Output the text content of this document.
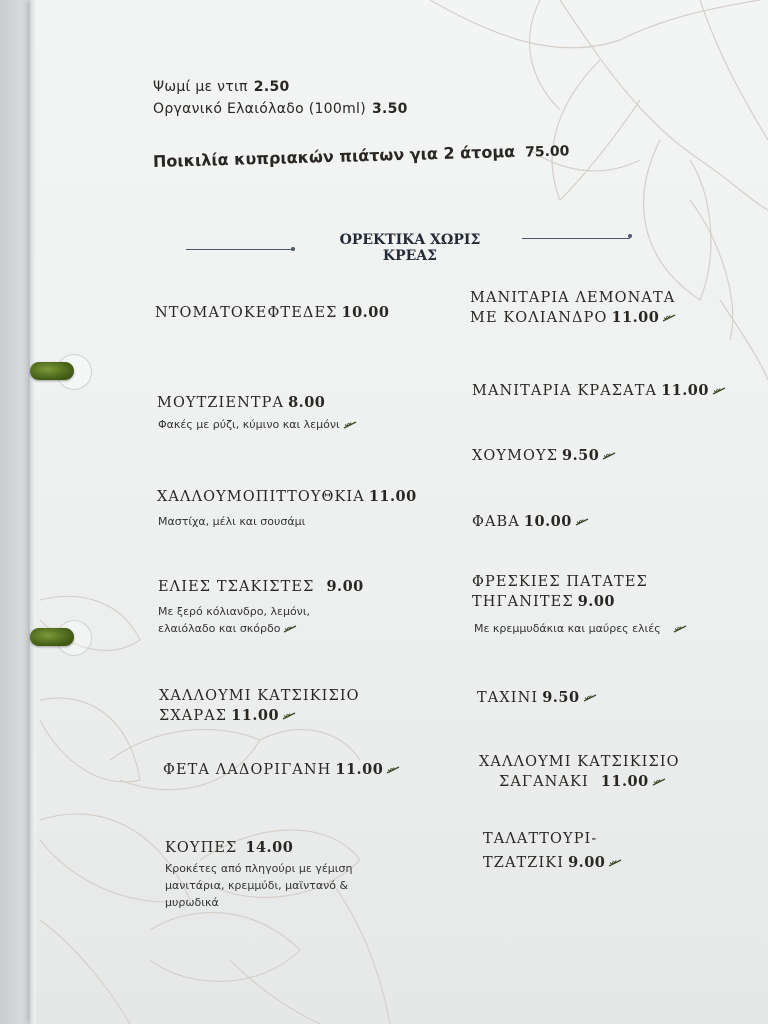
Ψωμί με ντιπ 2.50
Οργανικό Ελαιόλαδο (100ml) 3.50
Ποικιλία κυπριακών πιάτων για 2 άτομα 75.00
ΟΡΕΚΤΙΚΑ ΧΩΡΙΣ
ΚΡΕΑΣ
ΝΤΟΜΑΤΟΚΕΦΤΕΔΕΣ 10.00
ΜΟΥΤΖΙΕΝΤΡΑ 8.00
Φακές με ρύζι, κύμινο και λεμόνι
ΧΑΛΛΟΥΜΟΠΙΤΤΟΥΘΚΙΑ 11.00
Μαστίχα, μέλι και σουσάμι
ΕΛΙΕΣ ΤΣΑΚΙΣΤΕΣ 9.00
Με ξερό κόλιανδρο, λεμόνι,
ελαιόλαδο και σκόρδο
ΧΑΛΛΟΥΜΙ ΚΑΤΣΙΚΙΣΙΟ
ΣΧΑΡΑΣ 11.00
ΦΕΤΑ ΛΑΔΟΡΙΓΑΝΗ 11.00
ΚΟΥΠΕΣ 14.00
Κροκέτες από πληγούρι με γέμιση
μανιτάρια, κρεμμύδι, μαϊντανό &
μυρωδικά
ΜΑΝΙΤΑΡΙΑ ΛΕΜΟΝΑΤΑ
ΜΕ ΚΟΛΙΑΝΔΡΟ 11.00
ΜΑΝΙΤΑΡΙΑ ΚΡΑΣΑΤΑ 11.00
ΧΟΥΜΟΥΣ 9.50
ΦΑΒΑ 10.00
ΦΡΕΣΚΙΕΣ ΠΑΤΑΤΕΣ
ΤΗΓΑΝΙΤΕΣ 9.00
Με κρεμμυδάκια και μαύρες ελιές
ΤΑΧΙΝΙ 9.50
ΧΑΛΛΟΥΜΙ ΚΑΤΣΙΚΙΣΙΟ
ΣΑΓΑΝΑΚΙ 11.00
ΤΑΛΑΤΤΟΥΡΙ-
ΤΖΑΤΖΙΚΙ 9.00
